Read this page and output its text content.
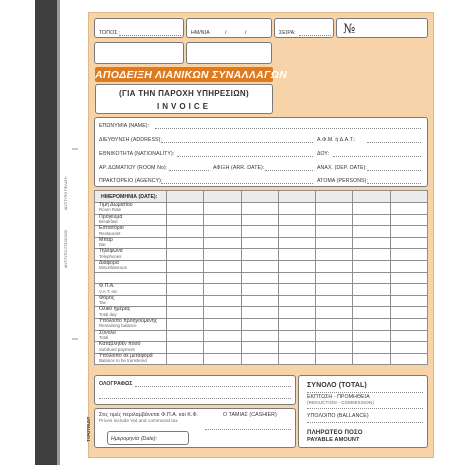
ΤΟΠΟΣ :	ΗΜ/ΝΙΑ	/	/	ΣΕΙΡΑ:	№
ΑΠΟΔΕΙΞΗ ΛΙΑΝΙΚΩΝ ΣΥΝΑΛΛΑΓΩΝ
(ΓΙΑ ΤΗΝ ΠΑΡΟΧΗ ΥΠΗΡΕΣΙΩΝ)
INVOICE
ΕΠΩΝΥΜΙΑ (NAME):
ΔΙΕΥΘΥΝΣΗ (ADDRESS):	Α.Φ.Μ. ή Δ.Α.Τ.:
ΕΘΝΙΚΟΤΗΤΑ (NATIONALITY):	ΔΟΥ:
ΑΡ. ΔΩΜΑΤΙΟΥ (ROOM No):	ΑΦΙΞΗ (ARR. DATE):	ΑΝΑΧ. (DEP. DATE):
ΠΡΑΚΤΟΡΕΙΟ (AGENCY):	ΑΤΟΜΑ (PERSONS):
ΗΜΕΡΟΜΗΝΙΑ (DATE):							

Τιμή Δωματίου
Room Rate							

Πρόγευμα
Breakfast							

Εστιατόριο
Restaurant							

Μπαρ
Bar							

Τηλέφωνα
Telephones							

Διάφορα
Miscellaneous							

Φ.Π.Α.
V.A.T. etc							

Φόρος
Tax							

Ολικό ημέρας
Total day							

Υπόλοιπο προηγούμενης
Remaining balance							

Σύνολο
Total							

Καταβληθέν ποσό
Subdued payment							

Υπόλοιπο σε μεταφορά
Balance to be transfered							

ΟΛΟΓΡΑΦΩΣ
Στις τιμές περιλαμβάνεται Φ.Π.Α. και Κ.Φ.
Prices include Vat and communal tax
Ο ΤΑΜΙΑΣ (CASHIER)
Ημερομηνία (Date):
ΣΥΝΟΛΟ (TOTAL)
ΕΚΠΤΩΣΗ - ΠΡΟΜΗΘΕΙΑ
(REDUCTION - COMMISSION)
ΥΠΟΛΟΙΠΟ (BALLANCE)
ΠΛΗΡΩΤΕΟ ΠΟΣΟ
PAYABLE AMOUNT
ΑΝΤΙΤΥΠΟ ΠΕΛΑΤΗ
ΑΝΤΙΤΥΠΟ ΣΤΕΛΕΧΟΣ
TYPOTRUST
